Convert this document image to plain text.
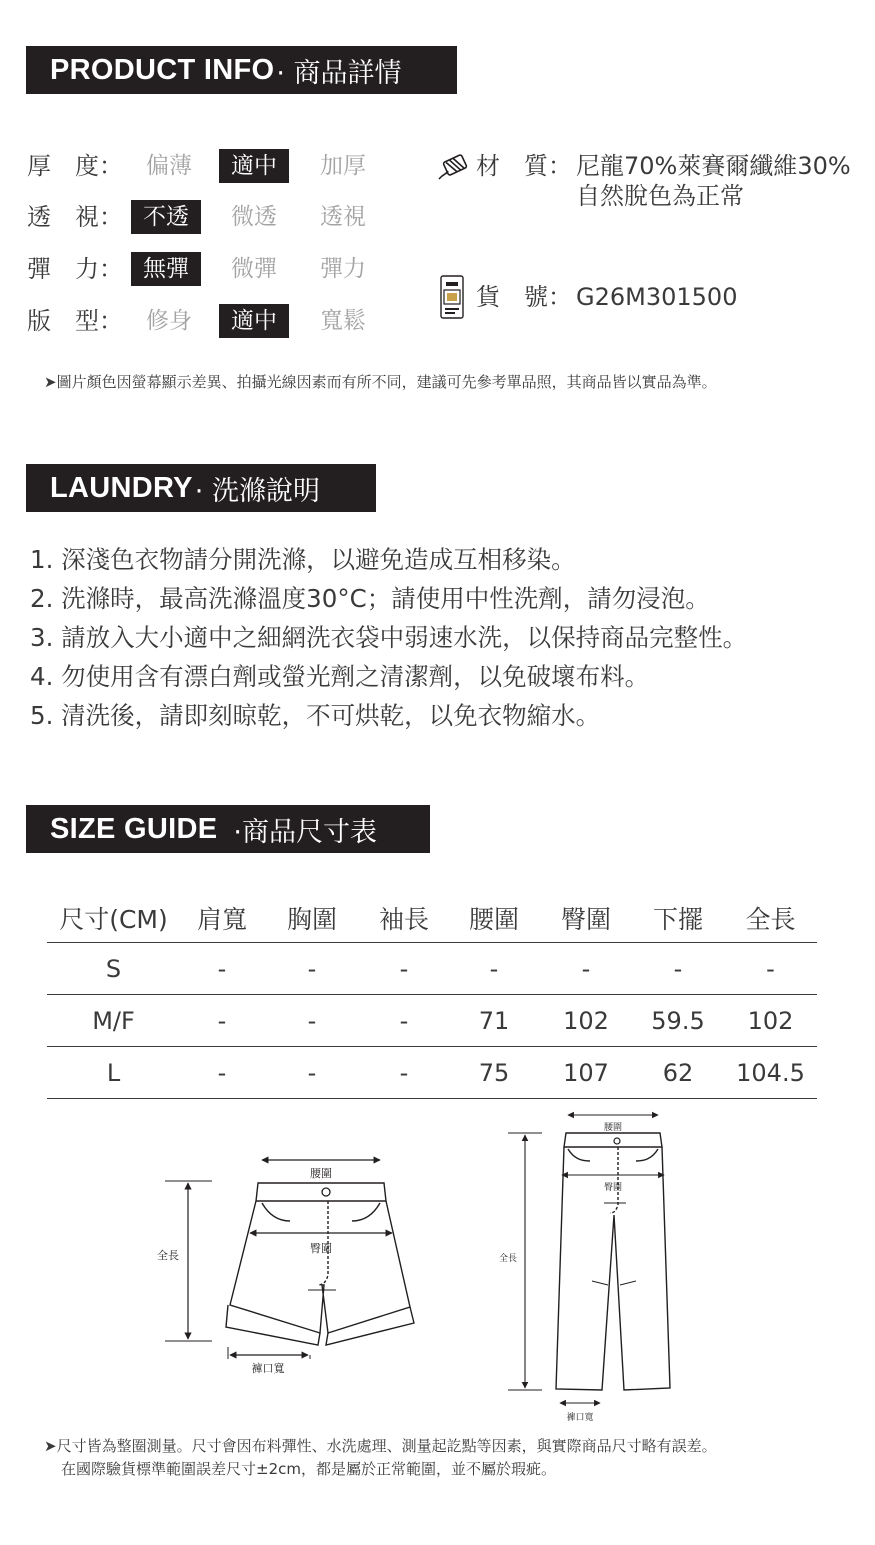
PRODUCT INFO · 商品詳情
厚　度：	偏薄	適中	加厚
透　視： 不透	微透	透視
彈　力： 無彈	微彈	彈力
版　型：	修身	適中	寬鬆
材　質： 尼龍70%萊賽爾纖維30%
自然脫色為正常
貨　號： G26M301500
➤圖片顏色因螢幕顯示差異、拍攝光線因素而有所不同，建議可先參考單品照，其商品皆以實品為準。
LAUNDRY · 洗滌說明
1. 深淺色衣物請分開洗滌，以避免造成互相移染。
2. 洗滌時，最高洗滌溫度30°C；請使用中性洗劑，請勿浸泡。
3. 請放入大小適中之細網洗衣袋中弱速水洗，以保持商品完整性。
4. 勿使用含有漂白劑或螢光劑之清潔劑，以免破壞布料。
5. 清洗後，請即刻晾乾，不可烘乾，以免衣物縮水。
SIZE GUIDE ·商品尺寸表
尺寸(CM)	肩寬	胸圍	袖長	腰圍	臀圍	下擺	全長
S	-	-	-	-	-	-	-
M/F	-	-	-	71	102	59.5	102
L	-	-	-	75	107	62	104.5
腰圍
臀圍
全長
褲口寬
腰圍
臀圍
全長
褲口寬
➤尺寸皆為整圈測量。尺寸會因布料彈性、水洗處理、測量起訖點等因素，與實際商品尺寸略有誤差。
在國際驗貨標準範圍誤差尺寸±2cm，都是屬於正常範圍，並不屬於瑕疵。
